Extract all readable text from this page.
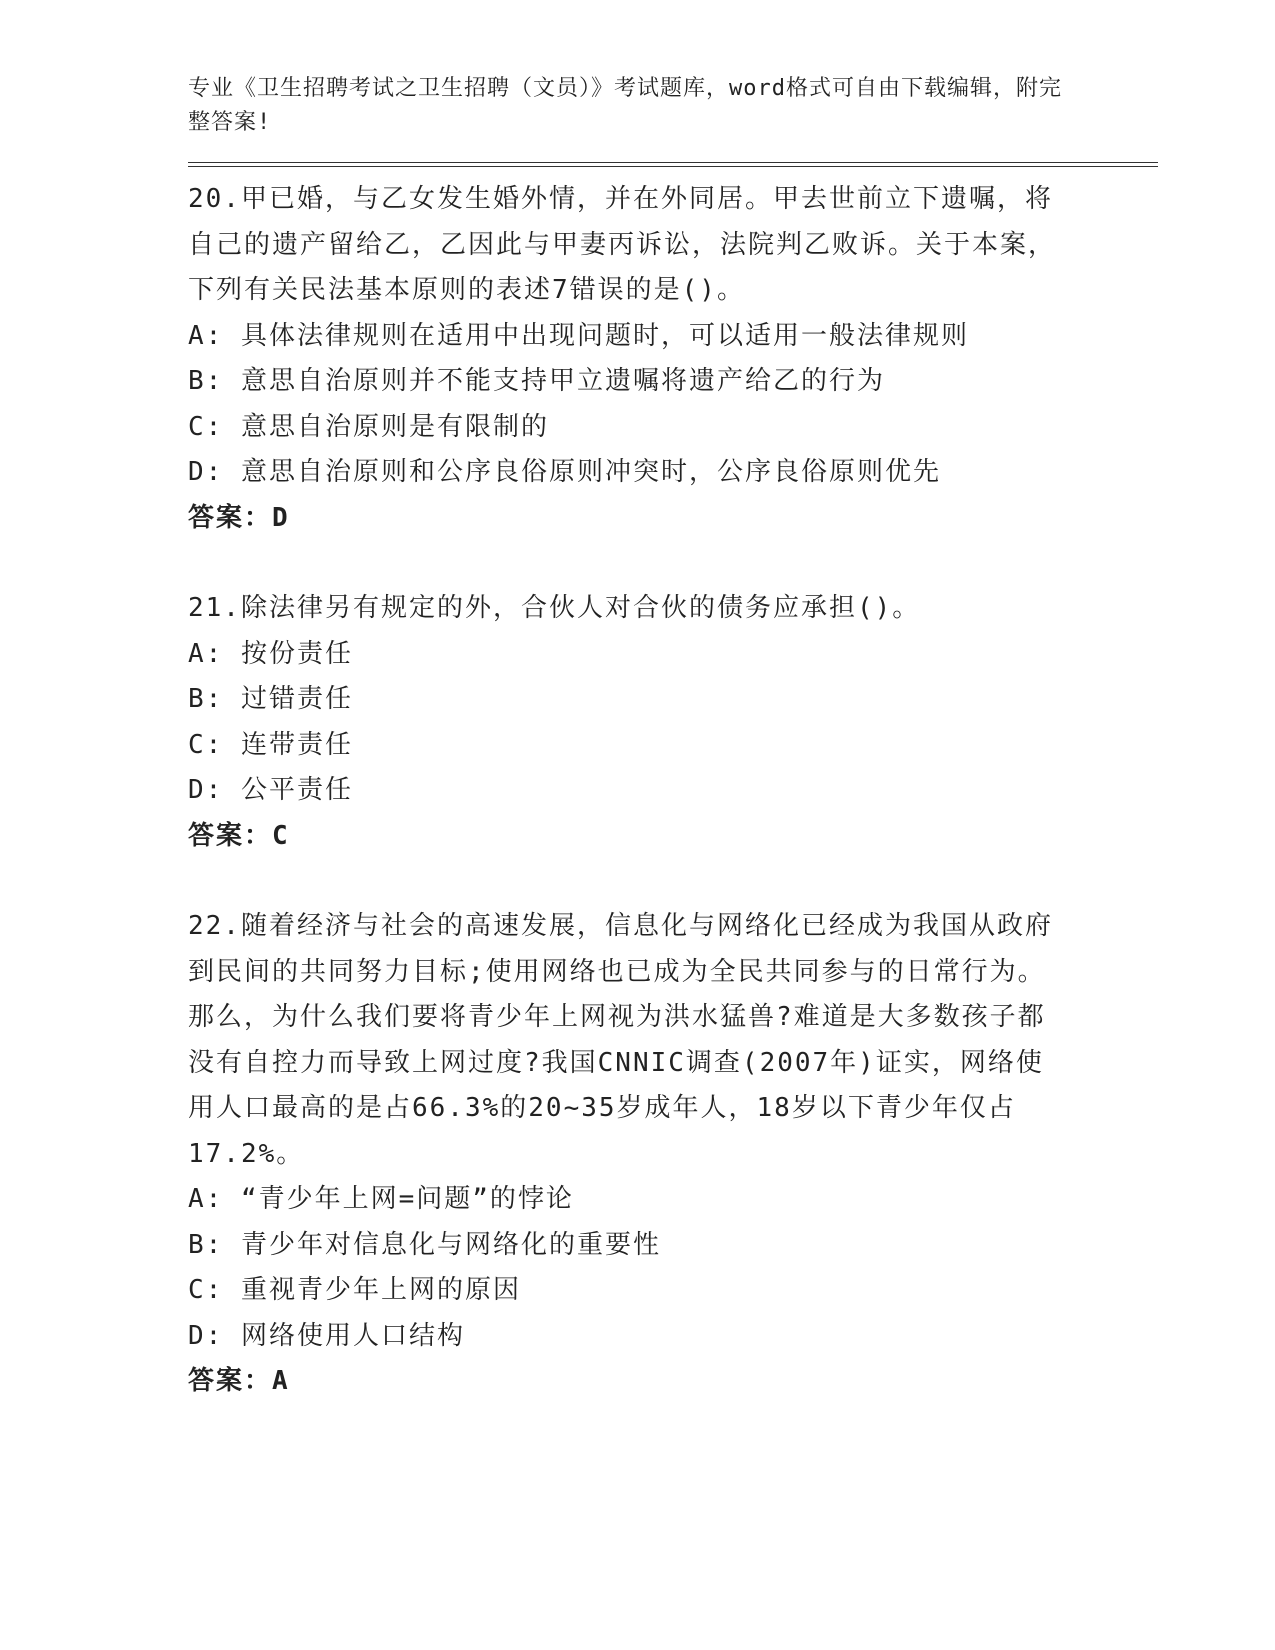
专业《卫生招聘考试之卫生招聘（文员）》考试题库，word格式可自由下载编辑，附完整答案!

20.甲已婚，与乙女发生婚外情，并在外同居。甲去世前立下遗嘱，将自己的遗产留给乙，乙因此与甲妻丙诉讼，法院判乙败诉。关于本案，下列有关民法基本原则的表述7错误的是()。

A: 具体法律规则在适用中出现问题时，可以适用一般法律规则

B: 意思自治原则并不能支持甲立遗嘱将遗产给乙的行为

C: 意思自治原则是有限制的

D: 意思自治原则和公序良俗原则冲突时，公序良俗原则优先

答案：D

21.除法律另有规定的外，合伙人对合伙的债务应承担()。

A: 按份责任

B: 过错责任

C: 连带责任

D: 公平责任

答案：C

22.随着经济与社会的高速发展，信息化与网络化已经成为我国从政府到民间的共同努力目标;使用网络也已成为全民共同参与的日常行为。那么，为什么我们要将青少年上网视为洪水猛兽?难道是大多数孩子都没有自控力而导致上网过度?我国CNNIC调查(2007年)证实，网络使用人口最高的是占66.3%的20~35岁成年人，18岁以下青少年仅占17.2%。

A: “青少年上网=问题”的悖论

B: 青少年对信息化与网络化的重要性

C: 重视青少年上网的原因

D: 网络使用人口结构

答案：A
